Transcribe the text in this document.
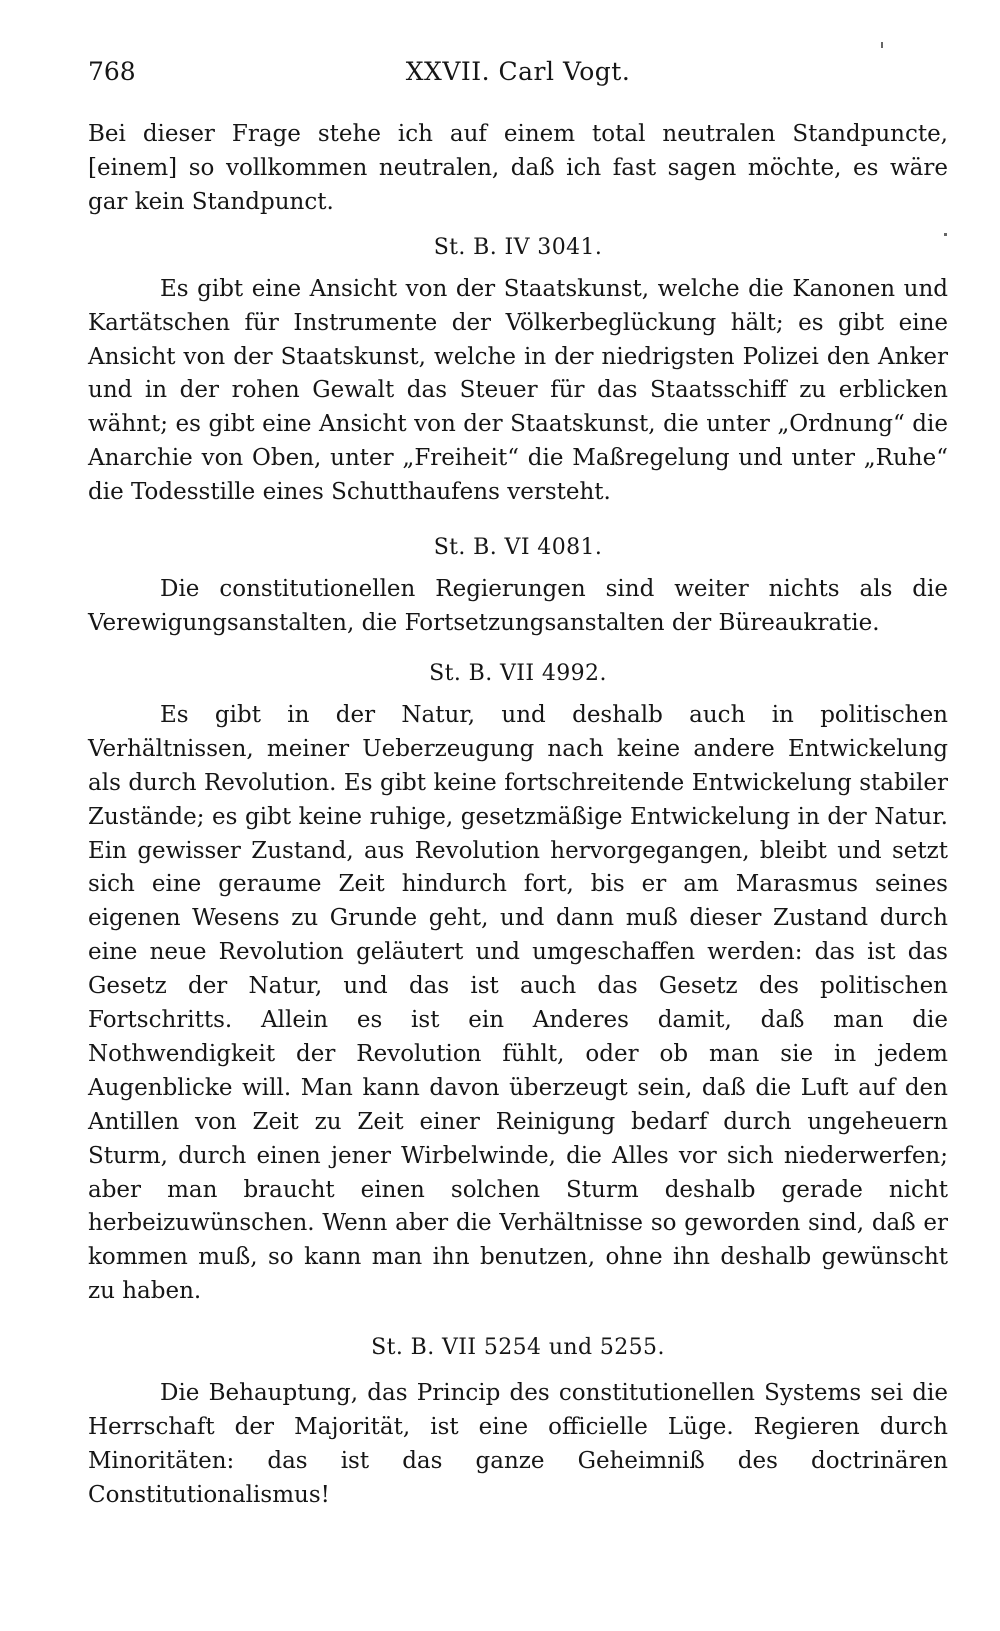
768	XXVII. Carl Vogt.

Bei dieser Frage stehe ich auf einem total neutralen Standpuncte, [einem] so vollkommen neutralen, daß ich fast sagen möchte, es wäre gar kein Standpunct.

St. B. IV 3041.

Es gibt eine Ansicht von der Staatskunst, welche die Kanonen und Kartätschen für Instrumente der Völkerbeglückung hält; es gibt eine Ansicht von der Staatskunst, welche in der niedrigsten Polizei den Anker und in der rohen Gewalt das Steuer für das Staatsschiff zu erblicken wähnt; es gibt eine Ansicht von der Staatskunst, die unter „Ordnung“ die Anarchie von Oben, unter „Freiheit“ die Maßregelung und unter „Ruhe“ die Todesstille eines Schutthaufens versteht.

St. B. VI 4081.

Die constitutionellen Regierungen sind weiter nichts als die Verewigungsanstalten, die Fortsetzungsanstalten der Büreaukratie.

St. B. VII 4992.

Es gibt in der Natur, und deshalb auch in politischen Verhältnissen, meiner Ueberzeugung nach keine andere Entwickelung als durch Revolution. Es gibt keine fortschreitende Entwickelung stabiler Zustände; es gibt keine ruhige, gesetzmäßige Entwickelung in der Natur. Ein gewisser Zustand, aus Revolution hervorgegangen, bleibt und setzt sich eine geraume Zeit hindurch fort, bis er am Marasmus seines eigenen Wesens zu Grunde geht, und dann muß dieser Zustand durch eine neue Revolution geläutert und umgeschaffen werden: das ist das Gesetz der Natur, und das ist auch das Gesetz des politischen Fortschritts. Allein es ist ein Anderes damit, daß man die Nothwendigkeit der Revolution fühlt, oder ob man sie in jedem Augenblicke will. Man kann davon überzeugt sein, daß die Luft auf den Antillen von Zeit zu Zeit einer Reinigung bedarf durch ungeheuern Sturm, durch einen jener Wirbelwinde, die Alles vor sich niederwerfen; aber man braucht einen solchen Sturm deshalb gerade nicht herbeizuwünschen. Wenn aber die Verhältnisse so geworden sind, daß er kommen muß, so kann man ihn benutzen, ohne ihn deshalb gewünscht zu haben.

St. B. VII 5254 und 5255.

Die Behauptung, das Princip des constitutionellen Systems sei die Herrschaft der Majorität, ist eine officielle Lüge. Regieren durch Minoritäten: das ist das ganze Geheimniß des doctrinären Constitutionalismus!
